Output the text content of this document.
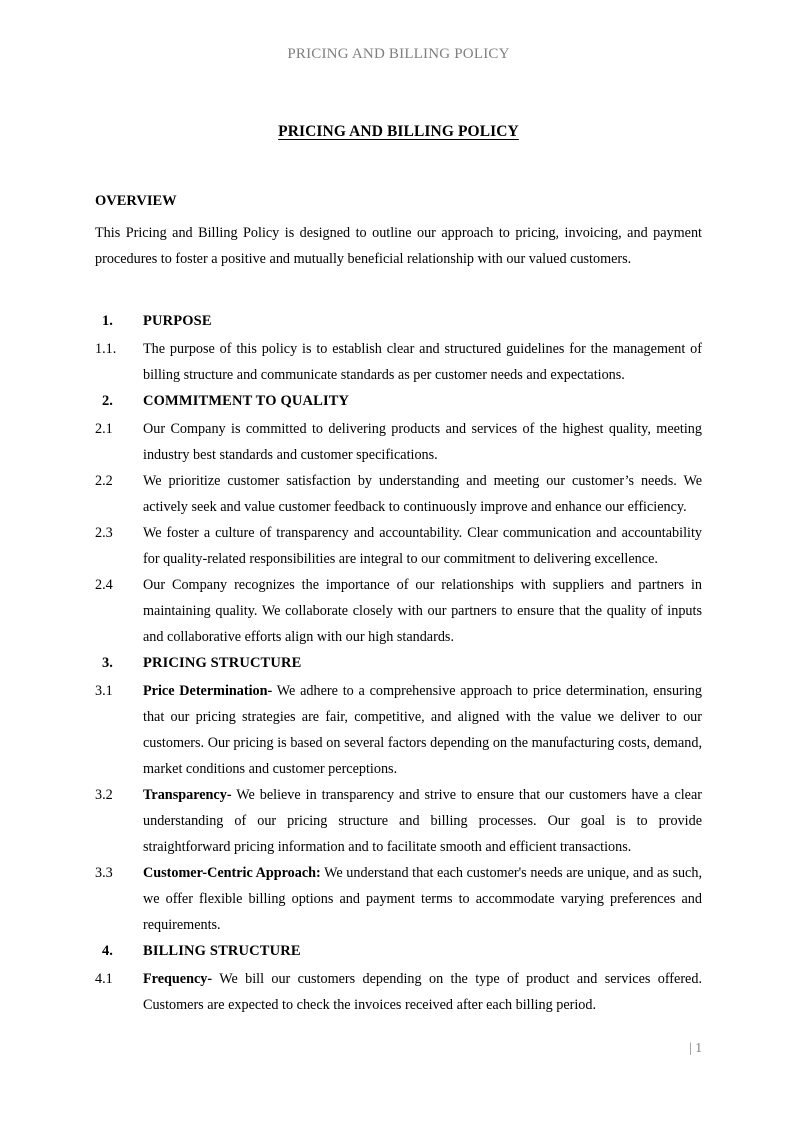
PRICING AND BILLING POLICY
PRICING AND BILLING POLICY
OVERVIEW

This Pricing and Billing Policy is designed to outline our approach to pricing, invoicing, and payment procedures to foster a positive and mutually beneficial relationship with our valued customers.

1.	PURPOSE
1.1.	The purpose of this policy is to establish clear and structured guidelines for the management of billing structure and communicate standards as per customer needs and expectations.
2.	COMMITMENT TO QUALITY
2.1	Our Company is committed to delivering products and services of the highest quality, meeting industry best standards and customer specifications.
2.2	We prioritize customer satisfaction by understanding and meeting our customer’s needs. We actively seek and value customer feedback to continuously improve and enhance our efficiency.
2.3	We foster a culture of transparency and accountability. Clear communication and accountability for quality-related responsibilities are integral to our commitment to delivering excellence.
2.4	Our Company recognizes the importance of our relationships with suppliers and partners in maintaining quality. We collaborate closely with our partners to ensure that the quality of inputs and collaborative efforts align with our high standards.
3.	PRICING STRUCTURE
3.1	Price Determination- We adhere to a comprehensive approach to price determination, ensuring that our pricing strategies are fair, competitive, and aligned with the value we deliver to our customers. Our pricing is based on several factors depending on the manufacturing costs, demand, market conditions and customer perceptions.
3.2	Transparency- We believe in transparency and strive to ensure that our customers have a clear understanding of our pricing structure and billing processes. Our goal is to provide straightforward pricing information and to facilitate smooth and efficient transactions.
3.3	Customer-Centric Approach: We understand that each customer's needs are unique, and as such, we offer flexible billing options and payment terms to accommodate varying preferences and requirements.
4.	BILLING STRUCTURE
4.1	Frequency- We bill our customers depending on the type of product and services offered. Customers are expected to check the invoices received after each billing period.
| 1
